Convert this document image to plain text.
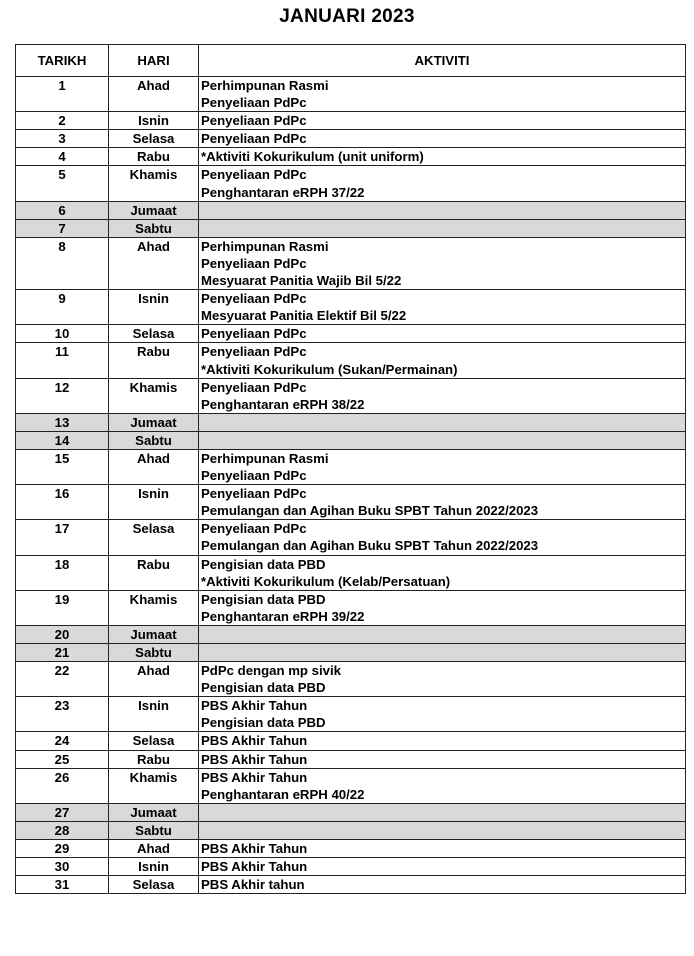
JANUARI 2023
TARIKH	HARI	AKTIVITI
1	Ahad	Perhimpunan Rasmi
Penyeliaan PdPc

2	Isnin	Penyeliaan PdPc

3	Selasa	Penyeliaan PdPc

4	Rabu	*Aktiviti Kokurikulum (unit uniform)

5	Khamis	Penyeliaan PdPc
Penghantaran eRPH 37/22

6	Jumaat	
7	Sabtu	
8	Ahad	Perhimpunan Rasmi
Penyeliaan PdPc
Mesyuarat Panitia Wajib Bil 5/22

9	Isnin	Penyeliaan PdPc
Mesyuarat Panitia Elektif Bil 5/22

10	Selasa	Penyeliaan PdPc

11	Rabu	Penyeliaan PdPc
*Aktiviti Kokurikulum (Sukan/Permainan)

12	Khamis	Penyeliaan PdPc
Penghantaran eRPH 38/22

13	Jumaat	
14	Sabtu	
15	Ahad	Perhimpunan Rasmi
Penyeliaan PdPc

16	Isnin	Penyeliaan PdPc
Pemulangan dan Agihan Buku SPBT Tahun 2022/2023

17	Selasa	Penyeliaan PdPc
Pemulangan dan Agihan Buku SPBT Tahun 2022/2023

18	Rabu	Pengisian data PBD
*Aktiviti Kokurikulum (Kelab/Persatuan)

19	Khamis	Pengisian data PBD
Penghantaran eRPH 39/22

20	Jumaat	
21	Sabtu	
22	Ahad	PdPc dengan mp sivik
Pengisian data PBD

23	Isnin	PBS Akhir Tahun
Pengisian data PBD

24	Selasa	PBS Akhir Tahun

25	Rabu	PBS Akhir Tahun

26	Khamis	PBS Akhir Tahun
Penghantaran eRPH 40/22

27	Jumaat	
28	Sabtu	
29	Ahad	PBS Akhir Tahun

30	Isnin	PBS Akhir Tahun

31	Selasa	PBS Akhir tahun
